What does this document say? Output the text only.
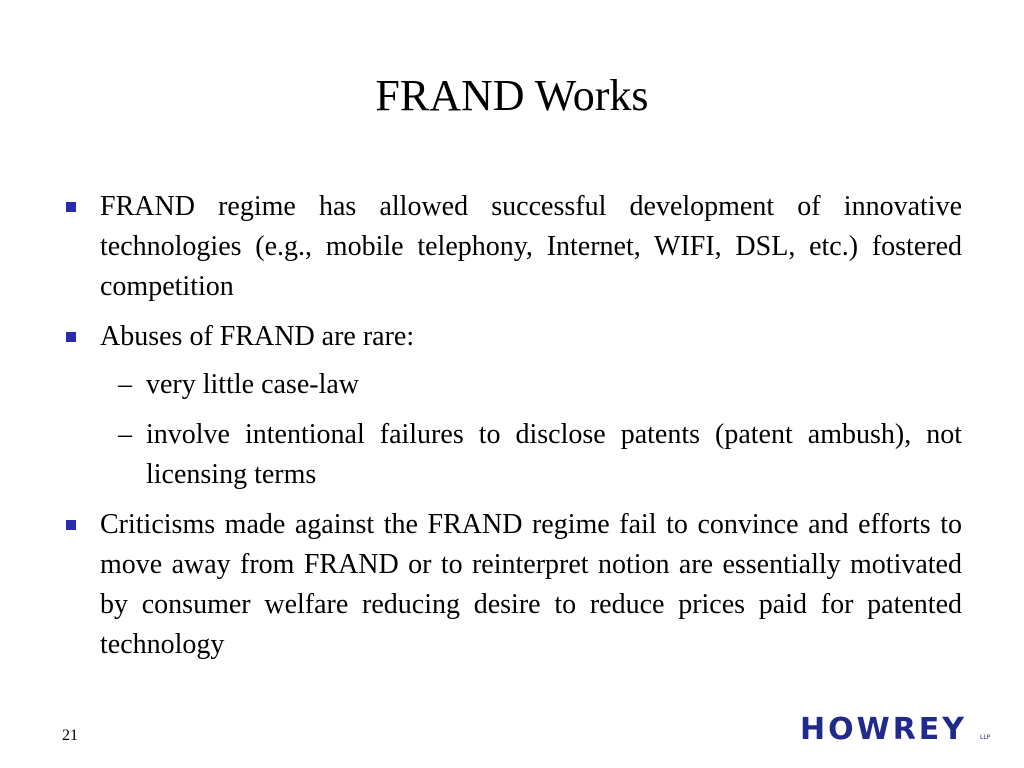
FRAND Works
FRAND regime has allowed successful development of innovative technologies (e.g., mobile telephony, Internet, WIFI, DSL, etc.) fostered competition
Abuses of FRAND are rare:
– very little case-law
– involve intentional failures to disclose patents (patent ambush), not licensing terms
Criticisms made against the FRAND regime fail to convince and efforts to move away from FRAND or to reinterpret notion are essentially motivated by consumer welfare reducing desire to reduce prices paid for patented technology
21	HOWREY LLP
